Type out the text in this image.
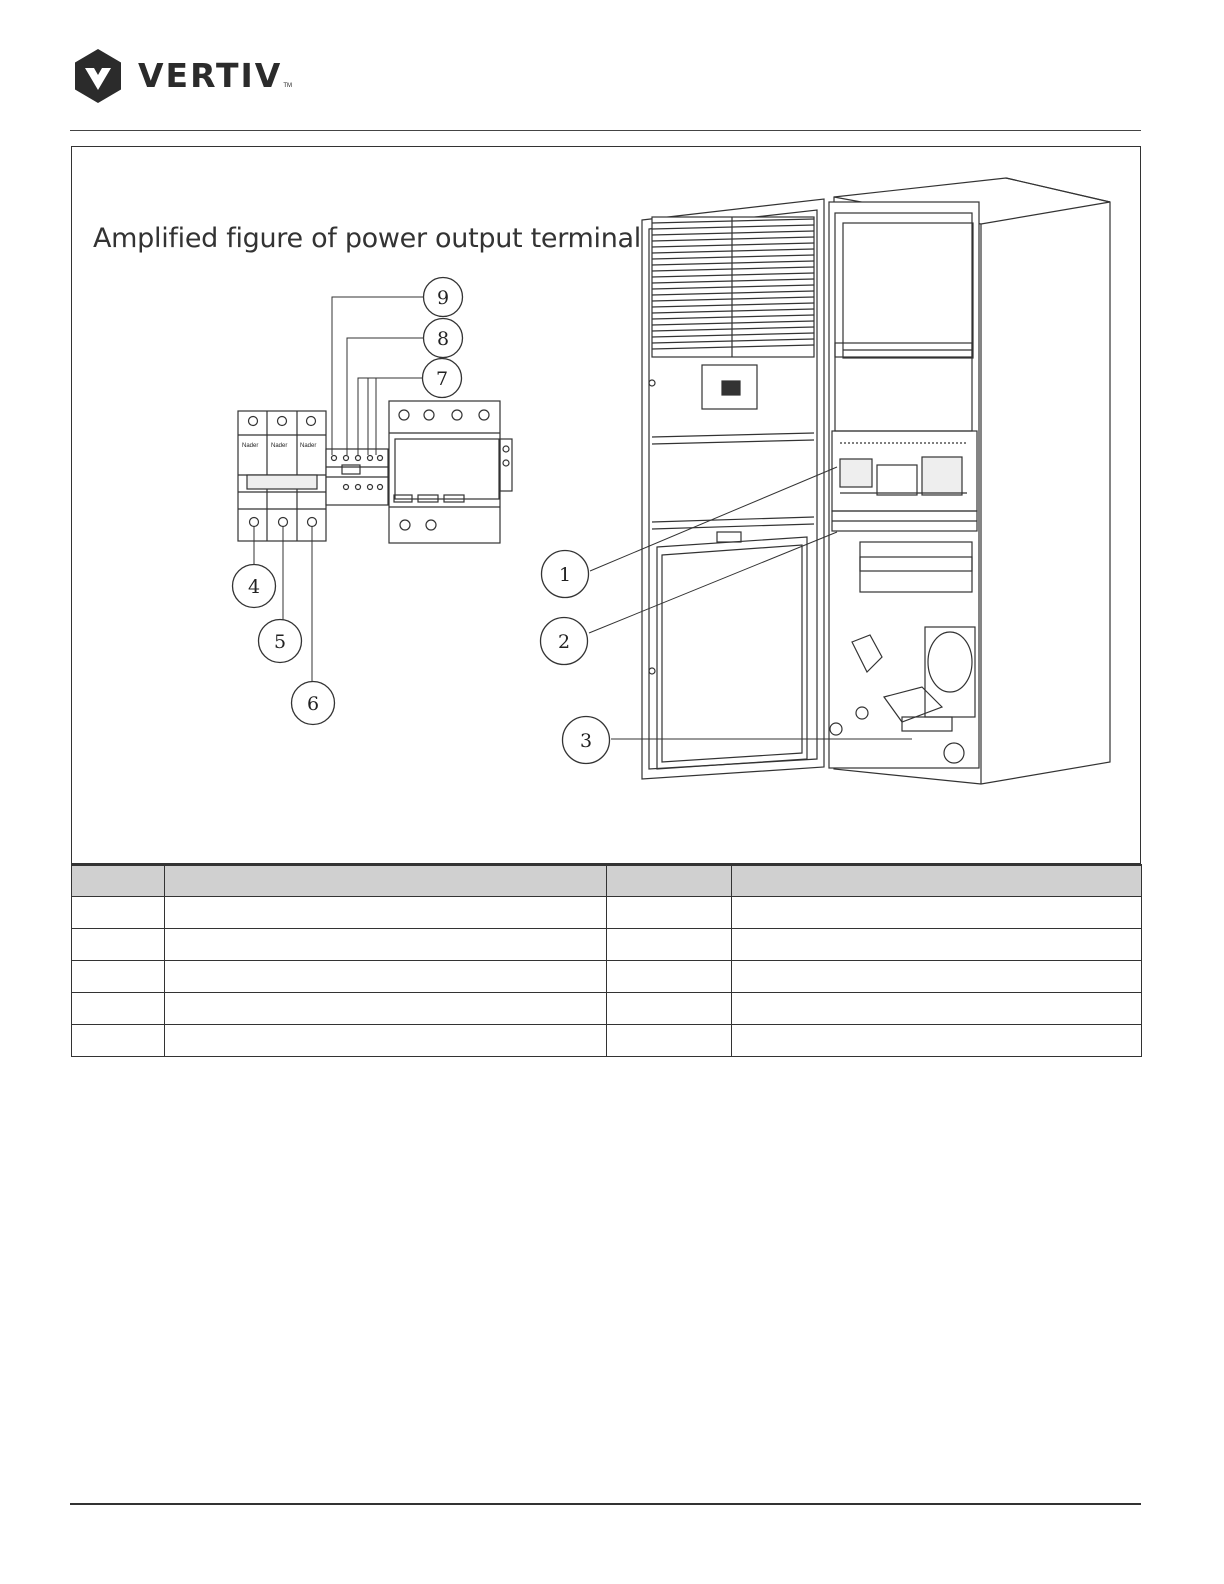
VERTIV TM
Amplified figure of power output terminal
Nader Nader Nader
9
8
7
4
5
6
1
2
3
